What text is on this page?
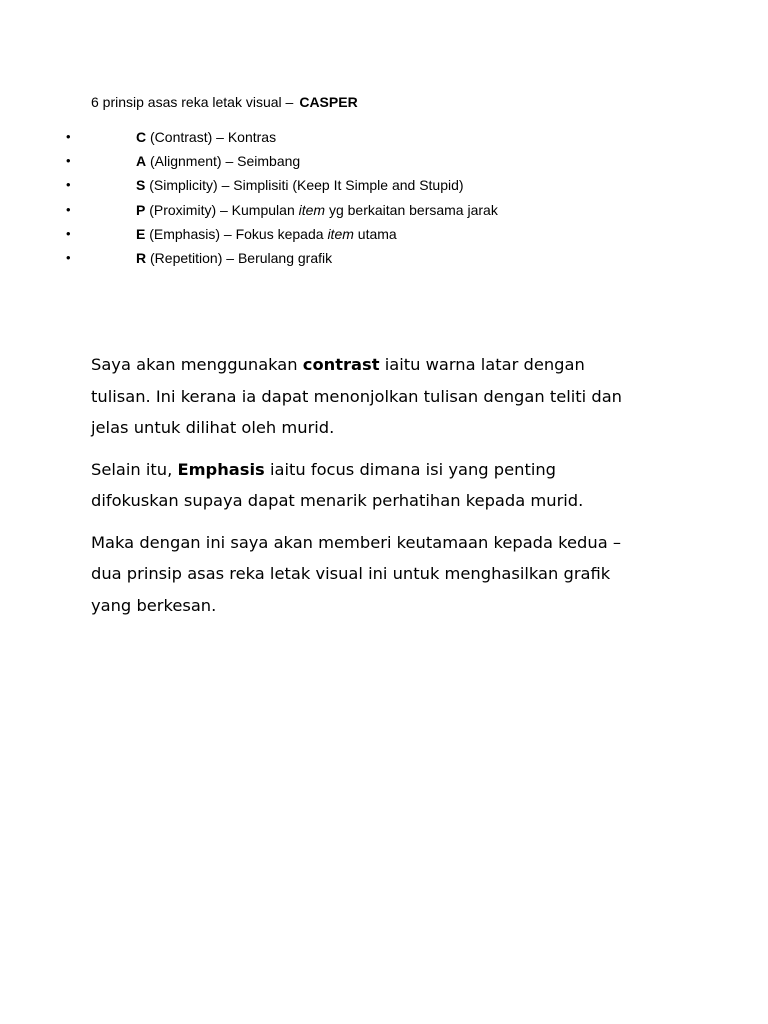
6 prinsip asas reka letak visual – CASPER
•	C (Contrast) – Kontras
•	A (Alignment) – Seimbang
•	S (Simplicity) – Simplisiti (Keep It Simple and Stupid)
•	P (Proximity) – Kumpulan item yg berkaitan bersama jarak
•	E (Emphasis) – Fokus kepada item utama
•	R (Repetition) – Berulang grafik

Saya akan menggunakan contrast iaitu warna latar dengan
tulisan. Ini kerana ia dapat menonjolkan tulisan dengan teliti dan
jelas untuk dilihat oleh murid.

Selain itu, Emphasis iaitu focus dimana isi yang penting
difokuskan supaya dapat menarik perhatihan kepada murid.

Maka dengan ini saya akan memberi keutamaan kepada kedua –
dua prinsip asas reka letak visual ini untuk menghasilkan grafik
yang berkesan.
